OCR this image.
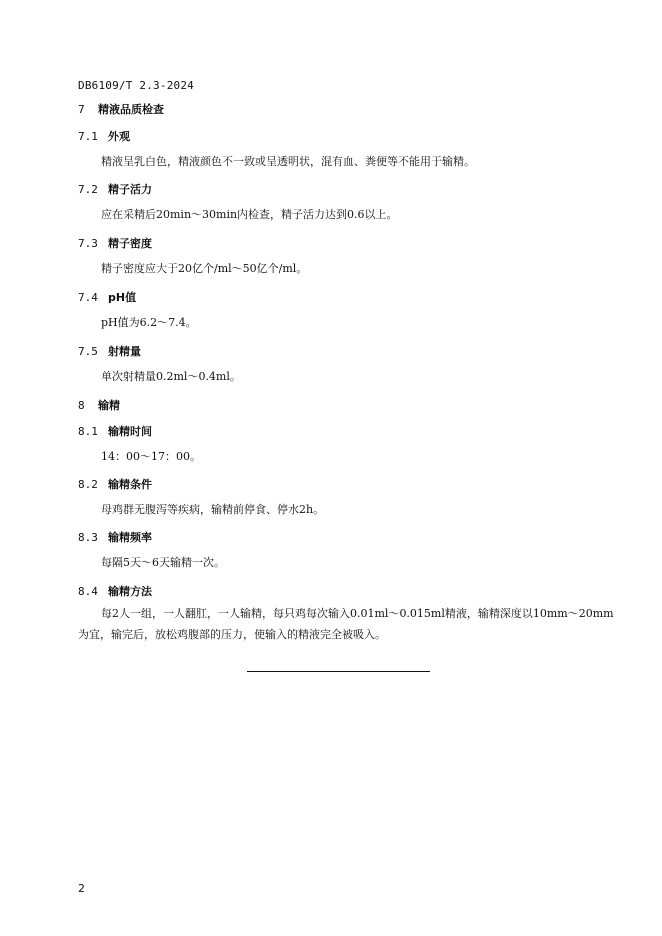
DB6109/T 2.3-2024
7 精液品质检查
7.1 外观
精液呈乳白色，精液颜色不一致或呈透明状，混有血、粪便等不能用于输精。
7.2 精子活力
应在采精后20min～30min内检查，精子活力达到0.6以上。
7.3 精子密度
精子密度应大于20亿个/ml～50亿个/ml。
7.4 pH值
pH值为6.2～7.4。
7.5 射精量
单次射精量0.2ml～0.4ml。
8 输精
8.1 输精时间
14：00～17：00。
8.2 输精条件
母鸡群无腹泻等疾病，输精前停食、停水2h。
8.3 输精频率
每隔5天～6天输精一次。
8.4 输精方法
每2人一组，一人翻肛，一人输精，每只鸡每次输入0.01ml～0.015ml精液，输精深度以10mm～20mm为宜，输完后，放松鸡腹部的压力，使输入的精液完全被吸入。
2
